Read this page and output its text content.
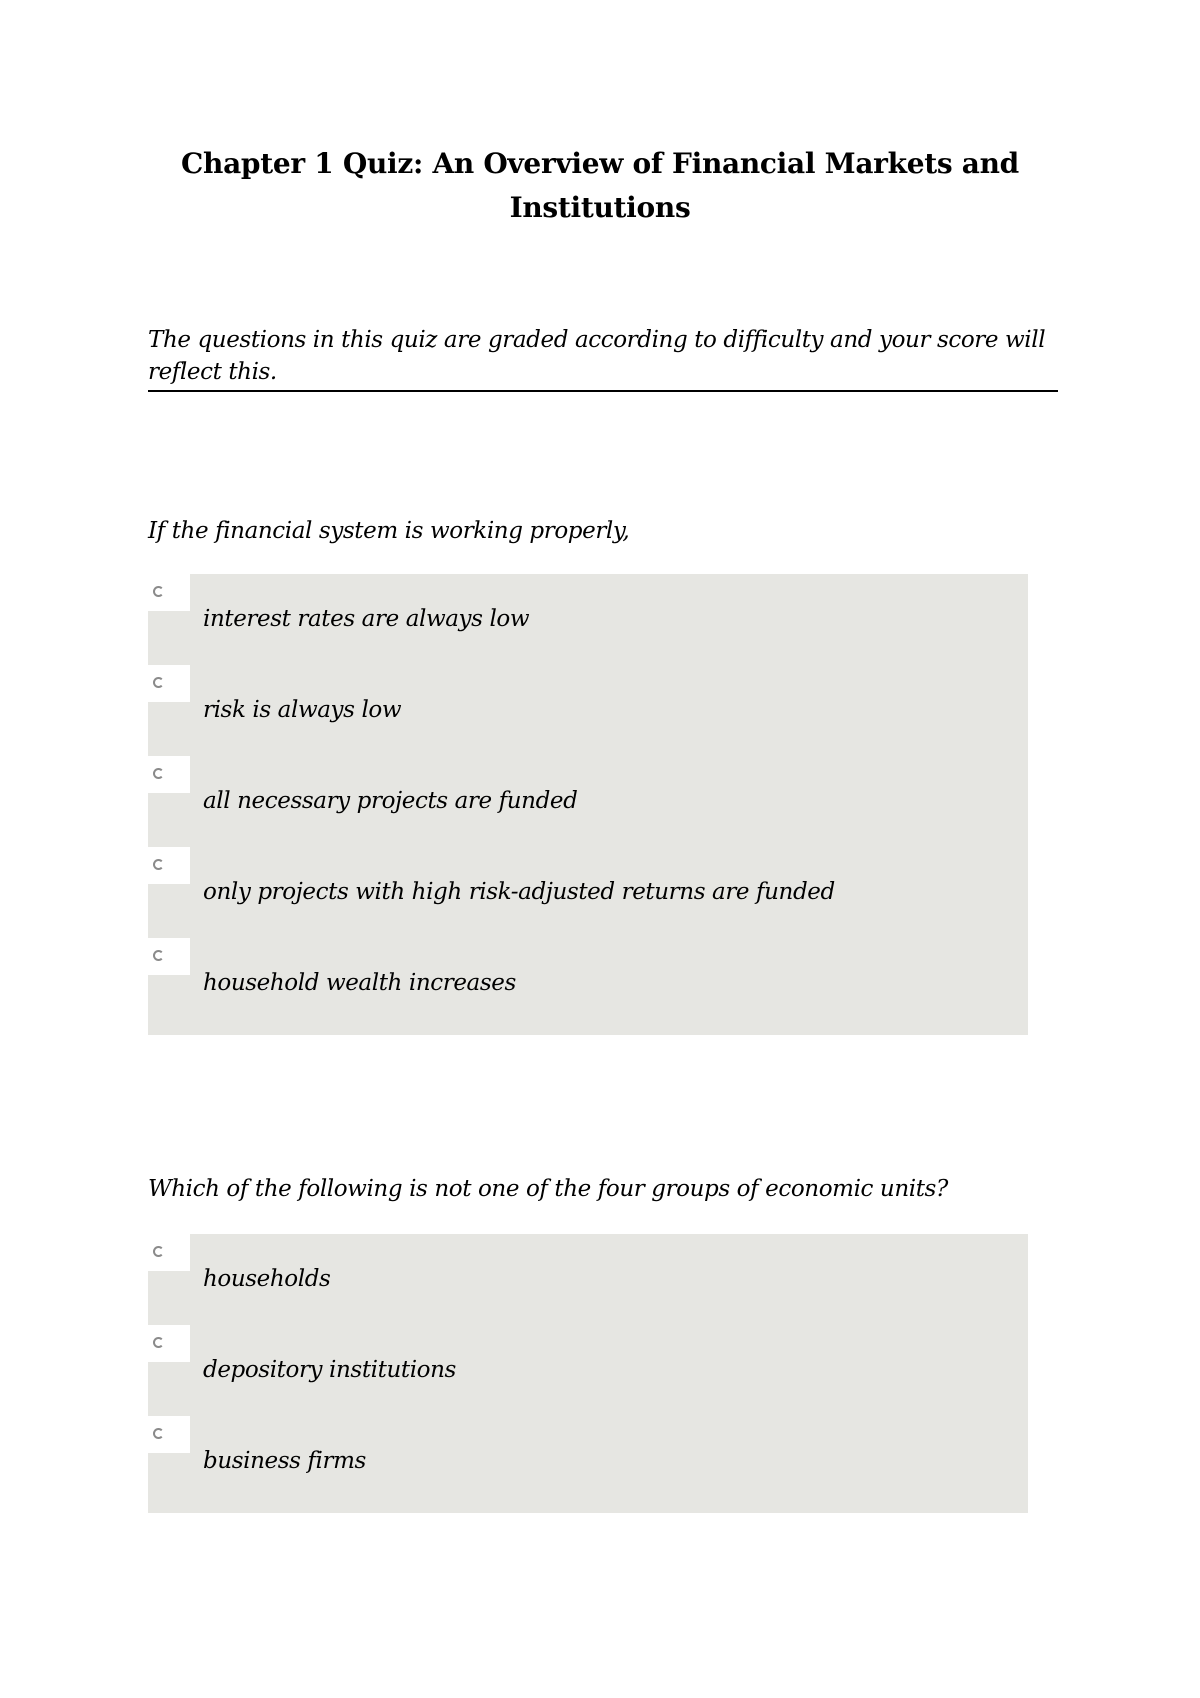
Chapter 1 Quiz: An Overview of Financial Markets and Institutions
The questions in this quiz are graded according to difficulty and your score will reflect this.
If the financial system is working properly,
interest rates are always low
risk is always low
all necessary projects are funded
only projects with high risk-adjusted returns are funded
household wealth increases
Which of the following is not one of the four groups of economic units?
households
depository institutions
business firms
